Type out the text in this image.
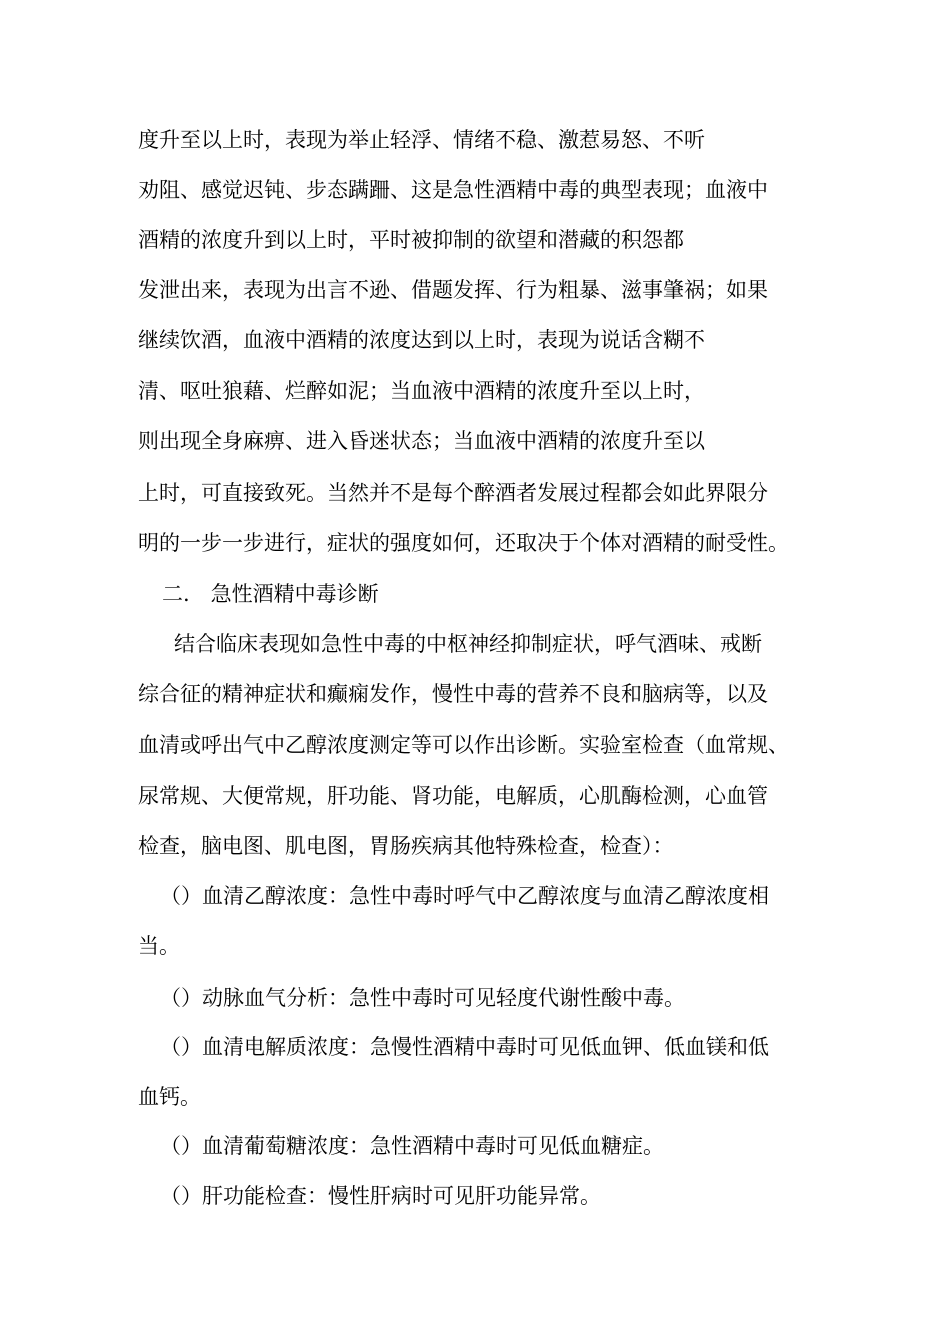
度升至以上时，表现为举止轻浮、情绪不稳、激惹易怒、不听
劝阻、感觉迟钝、步态蹒跚、这是急性酒精中毒的典型表现；血液中
酒精的浓度升到以上时，平时被抑制的欲望和潜藏的积怨都
发泄出来，表现为出言不逊、借题发挥、行为粗暴、滋事肇祸；如果
继续饮酒，血液中酒精的浓度达到以上时，表现为说话含糊不
清、呕吐狼藉、烂醉如泥；当血液中酒精的浓度升至以上时，
则出现全身麻痹、进入昏迷状态；当血液中酒精的浓度升至以
上时，可直接致死。当然并不是每个醉酒者发展过程都会如此界限分
明的一步一步进行，症状的强度如何，还取决于个体对酒精的耐受性。
二.　急性酒精中毒诊断
结合临床表现如急性中毒的中枢神经抑制症状，呼气酒味、戒断
综合征的精神症状和癫痫发作，慢性中毒的营养不良和脑病等，以及
血清或呼出气中乙醇浓度测定等可以作出诊断。实验室检查（血常规、
尿常规、大便常规，肝功能、肾功能，电解质，心肌酶检测，心血管
检查，脑电图、肌电图，胃肠疾病其他特殊检查，检查）：
（）血清乙醇浓度：急性中毒时呼气中乙醇浓度与血清乙醇浓度相
当。
（）动脉血气分析：急性中毒时可见轻度代谢性酸中毒。
（）血清电解质浓度：急慢性酒精中毒时可见低血钾、低血镁和低
血钙。
（）血清葡萄糖浓度：急性酒精中毒时可见低血糖症。
（）肝功能检查：慢性肝病时可见肝功能异常。
